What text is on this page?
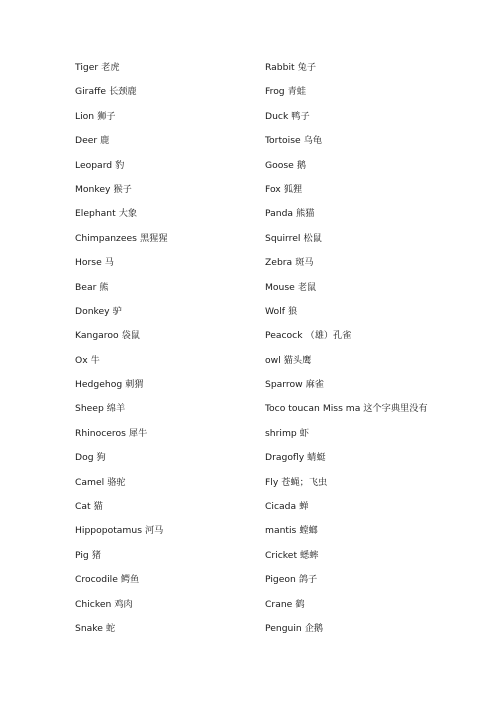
Tiger 老虎
Giraffe 长颈鹿
Lion 狮子
Deer 鹿
Leopard 豹
Monkey 猴子
Elephant 大象
Chimpanzees 黑猩猩
Horse 马
Bear 熊
Donkey 驴
Kangaroo 袋鼠
Ox 牛
Hedgehog 刺猬
Sheep 绵羊
Rhinoceros 犀牛
Dog 狗
Camel 骆驼
Cat 猫
Hippopotamus 河马
Pig 猪
Crocodile 鳄鱼
Chicken 鸡肉
Snake 蛇
Rabbit 兔子
Frog 青蛙
Duck 鸭子
Tortoise 乌龟
Goose 鹅
Fox 狐狸
Panda 熊猫
Squirrel 松鼠
Zebra 斑马
Mouse 老鼠
Wolf 狼
Peacock （雄）孔雀
owl 猫头鹰
Sparrow 麻雀
Toco toucan Miss ma 这个字典里没有
shrimp 虾
Dragofly 蜻蜓
Fly 苍蝇；飞虫
Cicada 蝉
mantis 螳螂
Cricket 蟋蟀
Pigeon 鸽子
Crane 鹤
Penguin 企鹅
